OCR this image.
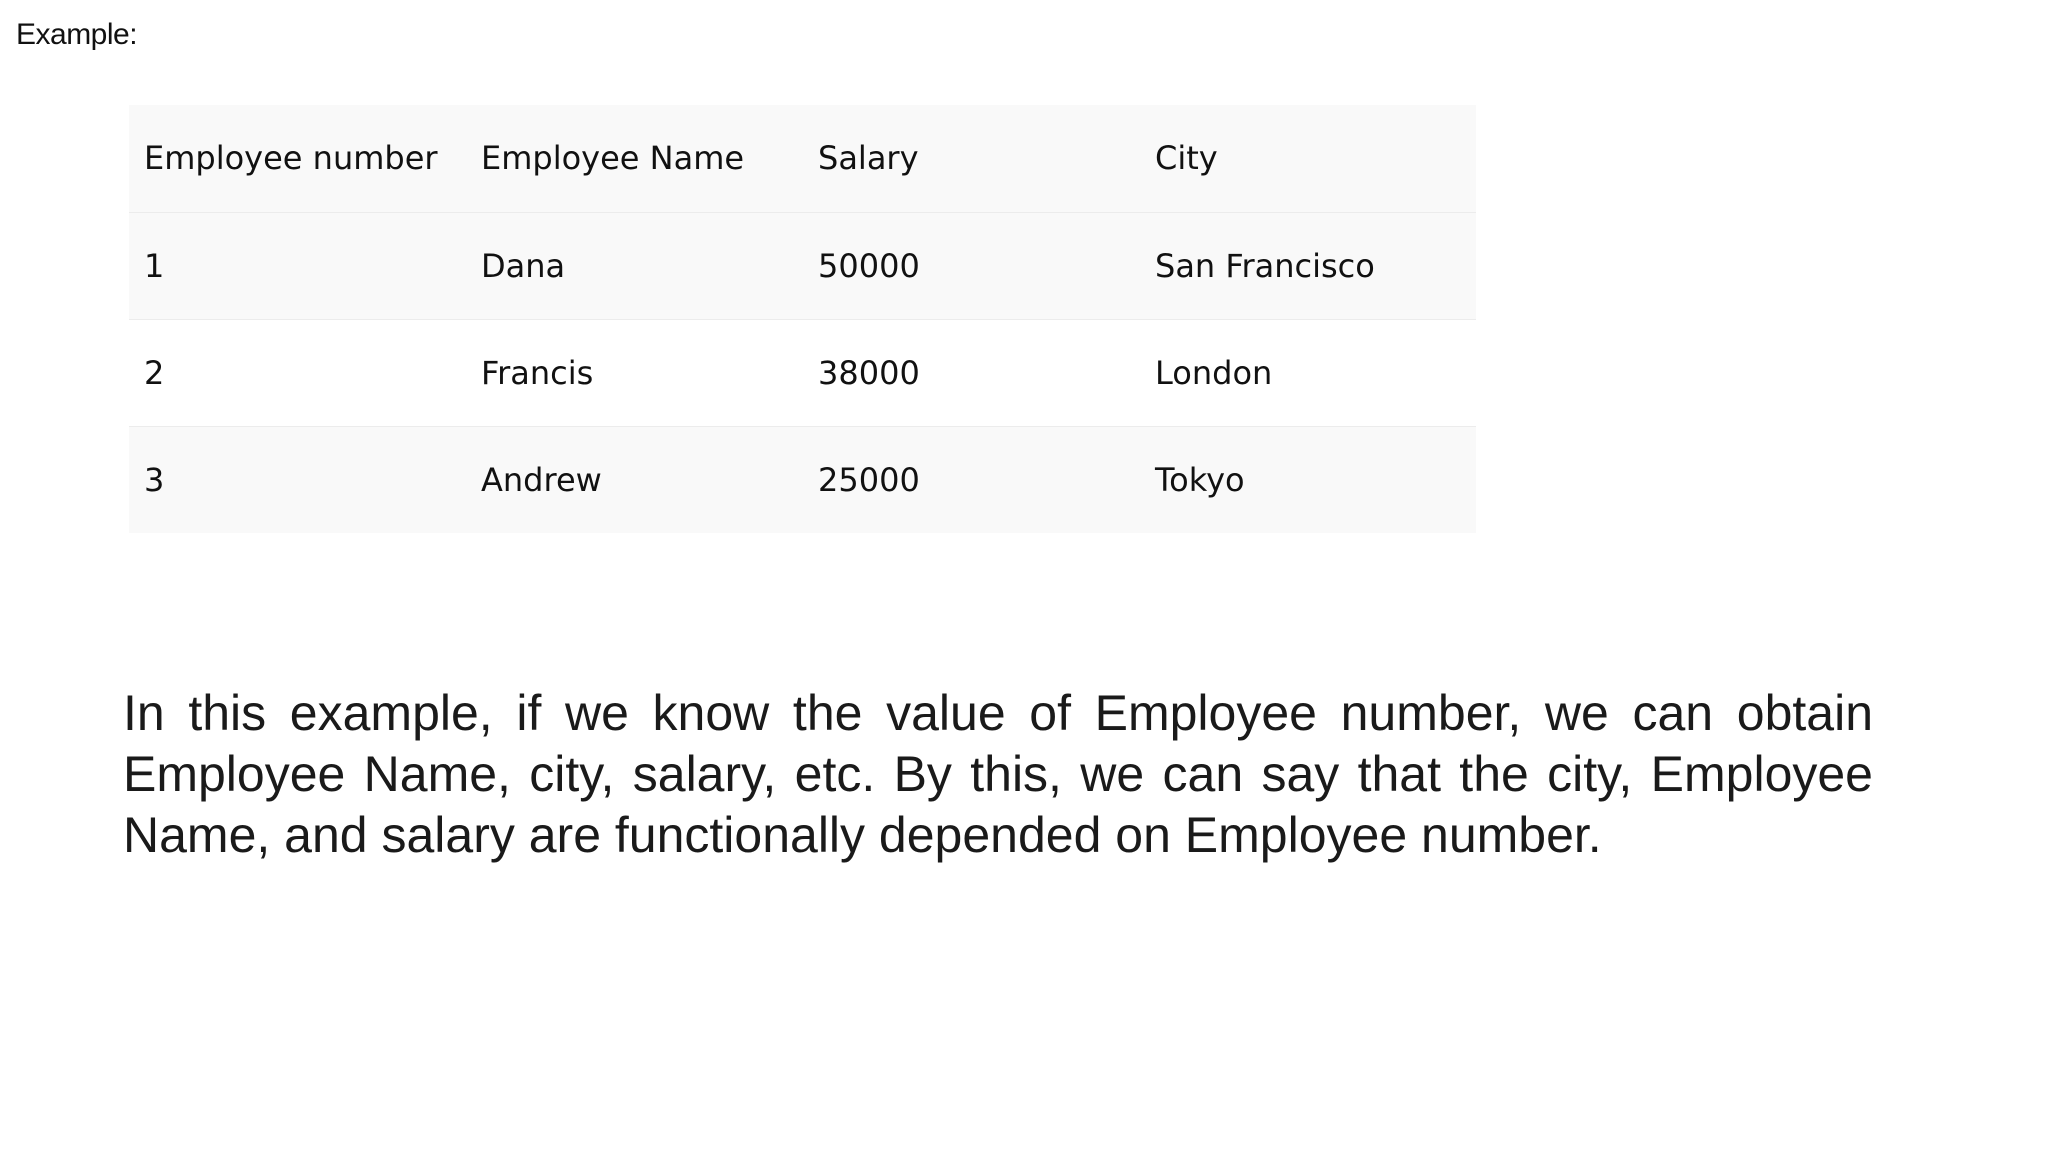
Example:
Employee number	Employee Name	Salary	City
1	Dana	50000	San Francisco
2	Francis	38000	London
3	Andrew	25000	Tokyo
In this example, if we know the value of Employee number, we can obtain Employee Name, city, salary, etc. By this, we can say that the city, Employee Name, and salary are functionally depended on Employee number.
